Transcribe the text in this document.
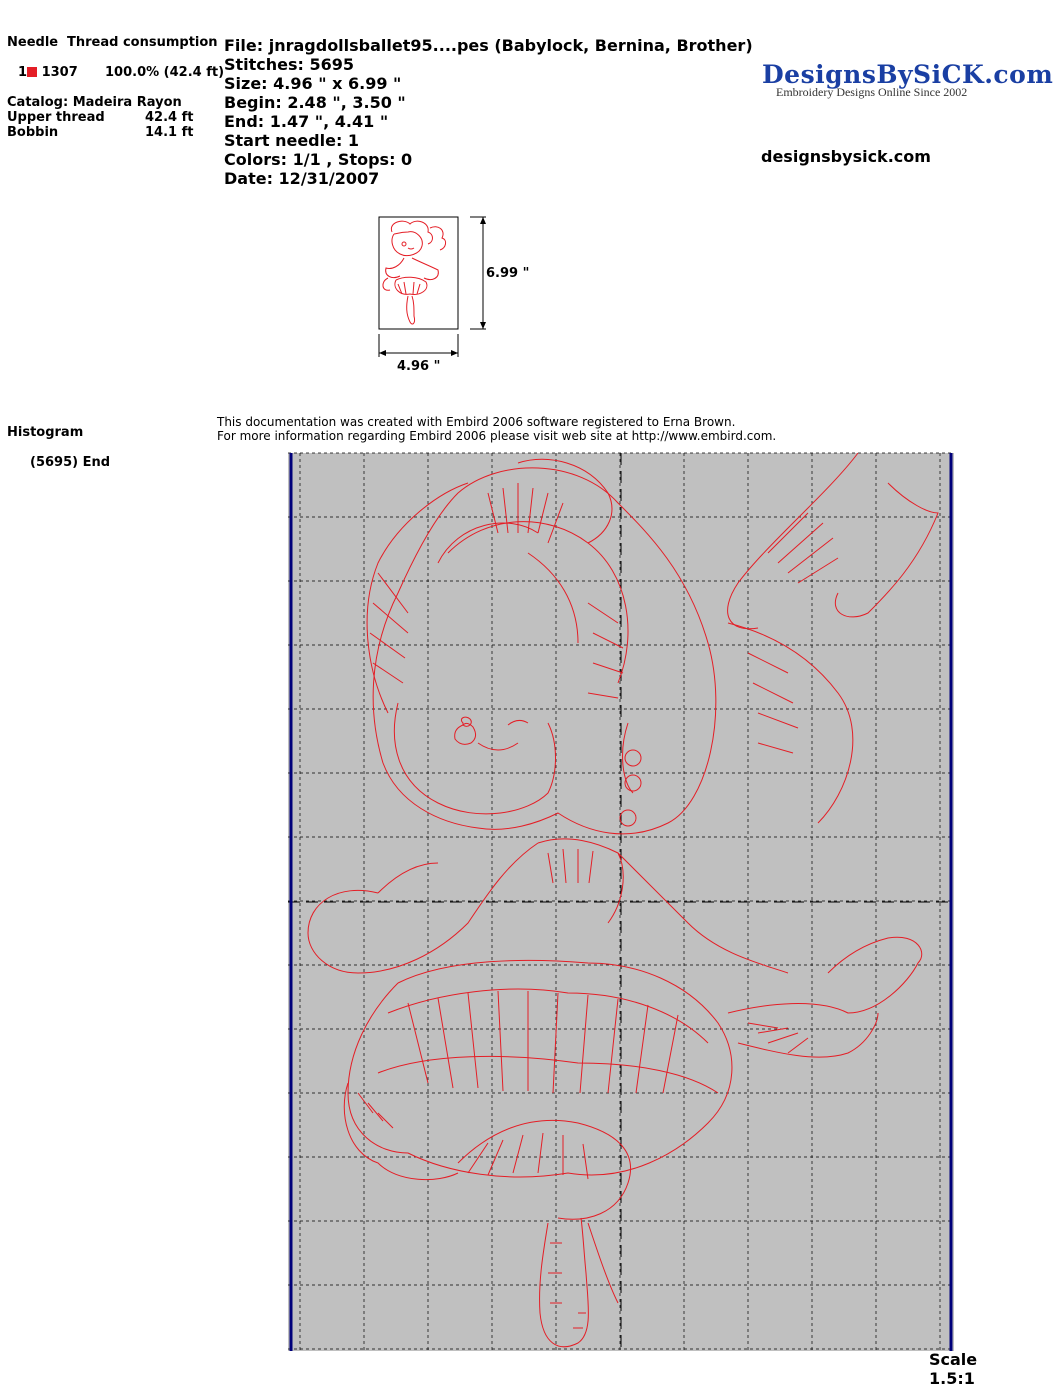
Needle Thread consumption
1 1307 100.0% (42.4 ft)
Catalog: Madeira Rayon
Upper thread	42.4 ft
Bobbin	14.1 ft
File: jnragdollsballet95....pes (Babylock, Bernina, Brother)
Stitches: 5695
Size: 4.96 " x 6.99 "
Begin: 2.48 ", 3.50 "
End: 1.47 ", 4.41 "
Start needle: 1
Colors: 1/1 , Stops: 0
Date: 12/31/2007
DesignsBySiCK.com
Embroidery Designs Online Since 2002
designsbysick.com
6.99 "
4.96 "
This documentation was created with Embird 2006 software registered to Erna Brown.
For more information regarding Embird 2006 please visit web site at http://www.embird.com.
Histogram
(5695) End
Scale 1.5:1
